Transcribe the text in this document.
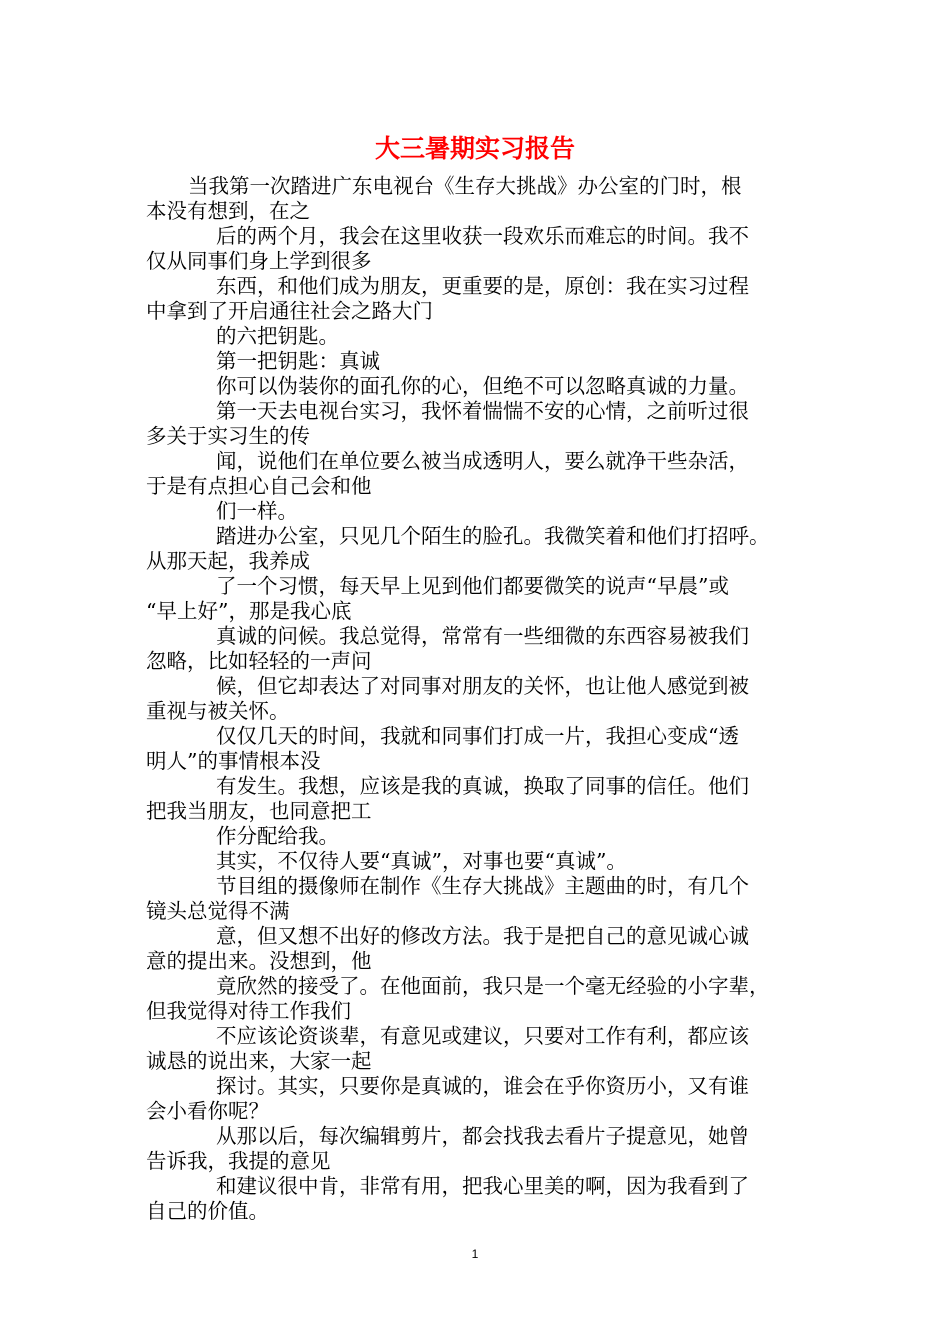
大三暑期实习报告

当我第一次踏进广东电视台《生存大挑战》办公室的门时，根

本没有想到，在之

后的两个月，我会在这里收获一段欢乐而难忘的时间。我不

仅从同事们身上学到很多

东西，和他们成为朋友，更重要的是，原创：我在实习过程

中拿到了开启通往社会之路大门

的六把钥匙。

第一把钥匙：真诚

你可以伪装你的面孔你的心，但绝不可以忽略真诚的力量。

第一天去电视台实习，我怀着惴惴不安的心情，之前听过很

多关于实习生的传

闻，说他们在单位要么被当成透明人，要么就净干些杂活，

于是有点担心自己会和他

们一样。

踏进办公室，只见几个陌生的脸孔。我微笑着和他们打招呼。

从那天起，我养成

了一个习惯，每天早上见到他们都要微笑的说声“早晨”或

“早上好”，那是我心底

真诚的问候。我总觉得，常常有一些细微的东西容易被我们

忽略，比如轻轻的一声问

候，但它却表达了对同事对朋友的关怀，也让他人感觉到被

重视与被关怀。

仅仅几天的时间，我就和同事们打成一片，我担心变成“透

明人”的事情根本没

有发生。我想，应该是我的真诚，换取了同事的信任。他们

把我当朋友，也同意把工

作分配给我。

其实，不仅待人要“真诚”，对事也要“真诚”。

节目组的摄像师在制作《生存大挑战》主题曲的时，有几个

镜头总觉得不满

意，但又想不出好的修改方法。我于是把自己的意见诚心诚

意的提出来。没想到，他

竟欣然的接受了。在他面前，我只是一个毫无经验的小字辈，

但我觉得对待工作我们

不应该论资谈辈，有意见或建议，只要对工作有利，都应该

诚恳的说出来，大家一起

探讨。其实，只要你是真诚的，谁会在乎你资历小，又有谁

会小看你呢？

从那以后，每次编辑剪片，都会找我去看片子提意见，她曾

告诉我，我提的意见

和建议很中肯，非常有用，把我心里美的啊，因为我看到了

自己的价值。

1
